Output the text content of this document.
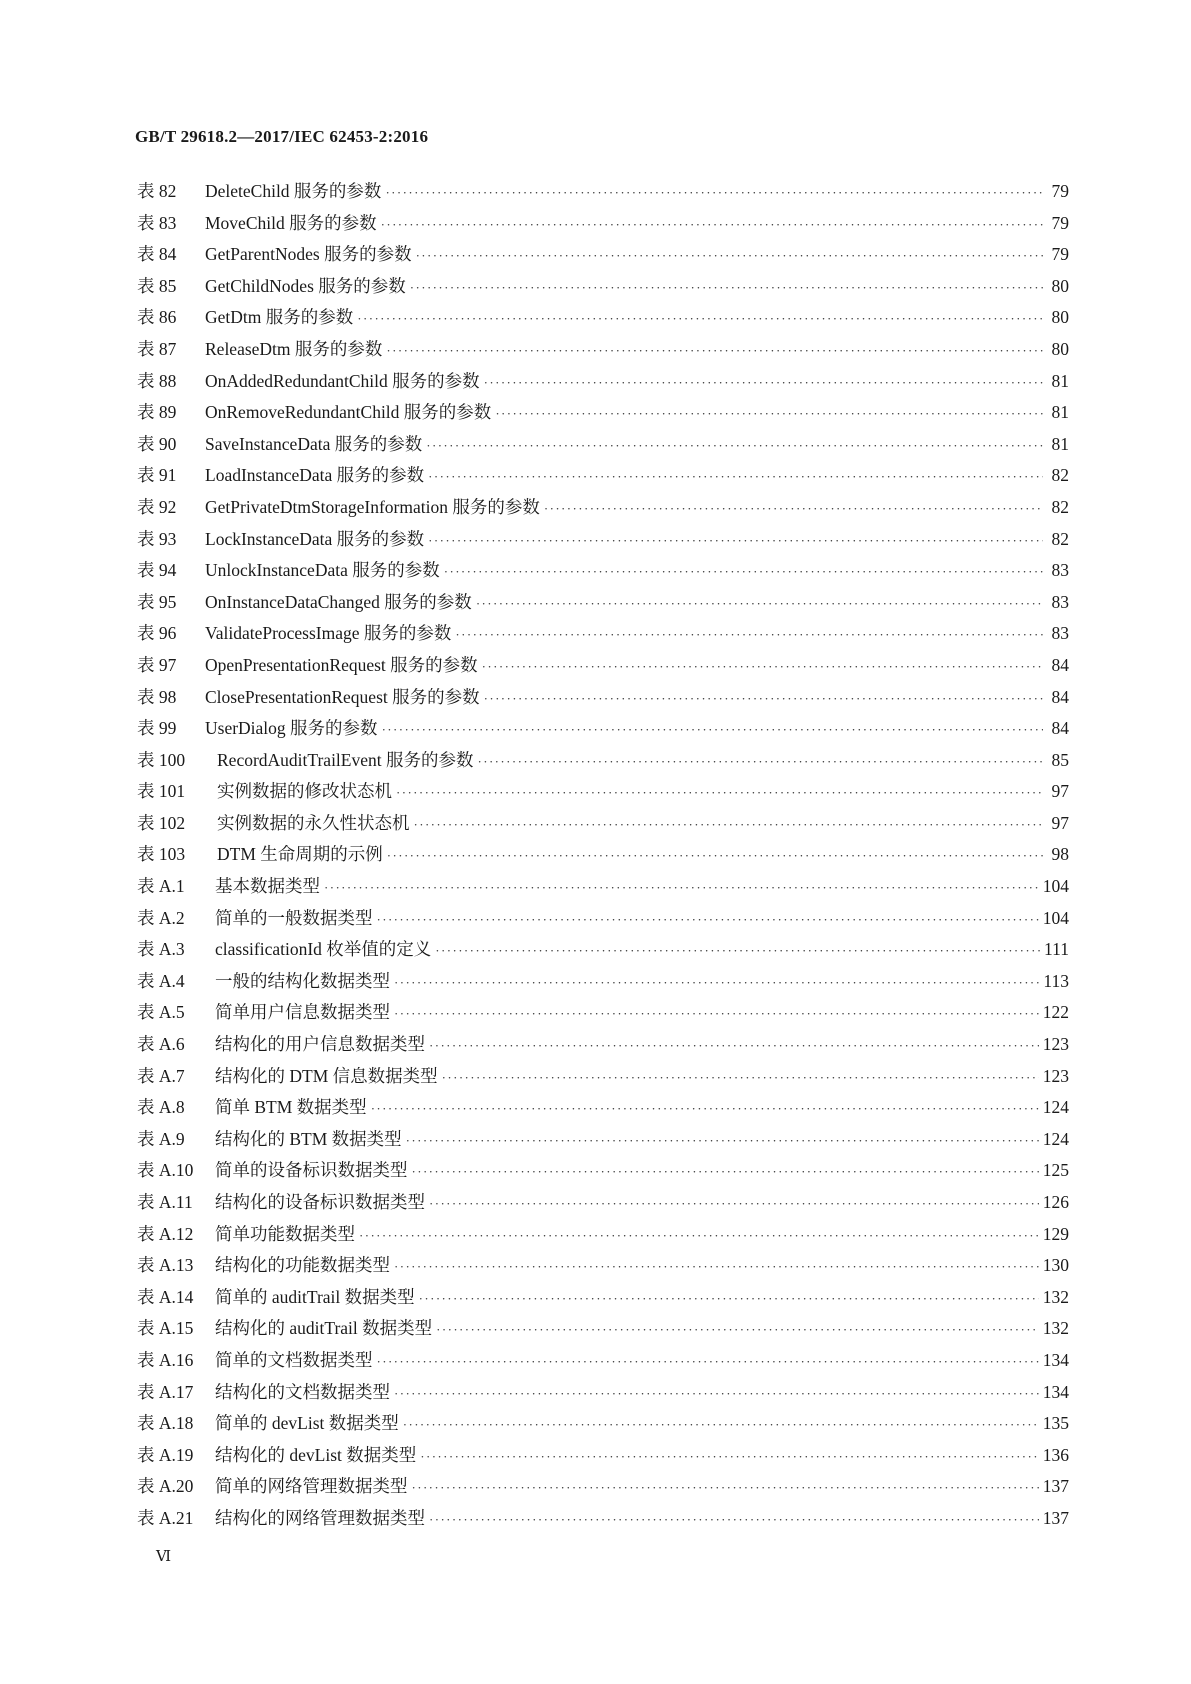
GB/T 29618.2—2017/IEC 62453-2:2016
表 82	DeleteChild 服务的参数 ·····	79
表 83	MoveChild 服务的参数 ·····	79
表 84	GetParentNodes 服务的参数 ·····	79
表 85	GetChildNodes 服务的参数 ·····	80
表 86	GetDtm 服务的参数 ·····	80
表 87	ReleaseDtm 服务的参数 ·····	80
表 88	OnAddedRedundantChild 服务的参数 ·····	81
表 89	OnRemoveRedundantChild 服务的参数 ·····	81
表 90	SaveInstanceData 服务的参数 ·····	81
表 91	LoadInstanceData 服务的参数 ·····	82
表 92	GetPrivateDtmStorageInformation 服务的参数 ·····	82
表 93	LockInstanceData 服务的参数 ·····	82
表 94	UnlockInstanceData 服务的参数 ·····	83
表 95	OnInstanceDataChanged 服务的参数 ·····	83
表 96	ValidateProcessImage 服务的参数 ·····	83
表 97	OpenPresentationRequest 服务的参数 ·····	84
表 98	ClosePresentationRequest 服务的参数 ·····	84
表 99	UserDialog 服务的参数 ·····	84
表 100	RecordAuditTrailEvent 服务的参数 ·····	85
表 101	实例数据的修改状态机 ·····	97
表 102	实例数据的永久性状态机 ·····	97
表 103	DTM 生命周期的示例 ·····	98
表 A.1	基本数据类型 ·····	104
表 A.2	简单的一般数据类型 ·····	104
表 A.3	classificationId 枚举值的定义 ·····	111
表 A.4	一般的结构化数据类型 ·····	113
表 A.5	简单用户信息数据类型 ·····	122
表 A.6	结构化的用户信息数据类型 ·····	123
表 A.7	结构化的 DTM 信息数据类型 ·····	123
表 A.8	简单 BTM 数据类型 ·····	124
表 A.9	结构化的 BTM 数据类型 ·····	124
表 A.10	简单的设备标识数据类型 ·····	125
表 A.11	结构化的设备标识数据类型 ·····	126
表 A.12	简单功能数据类型 ·····	129
表 A.13	结构化的功能数据类型 ·····	130
表 A.14	简单的 auditTrail 数据类型 ·····	132
表 A.15	结构化的 auditTrail 数据类型 ·····	132
表 A.16	简单的文档数据类型 ·····	134
表 A.17	结构化的文档数据类型 ·····	134
表 A.18	简单的 devList 数据类型 ·····	135
表 A.19	结构化的 devList 数据类型 ·····	136
表 A.20	简单的网络管理数据类型 ·····	137
表 A.21	结构化的网络管理数据类型 ·····	137
Ⅵ
